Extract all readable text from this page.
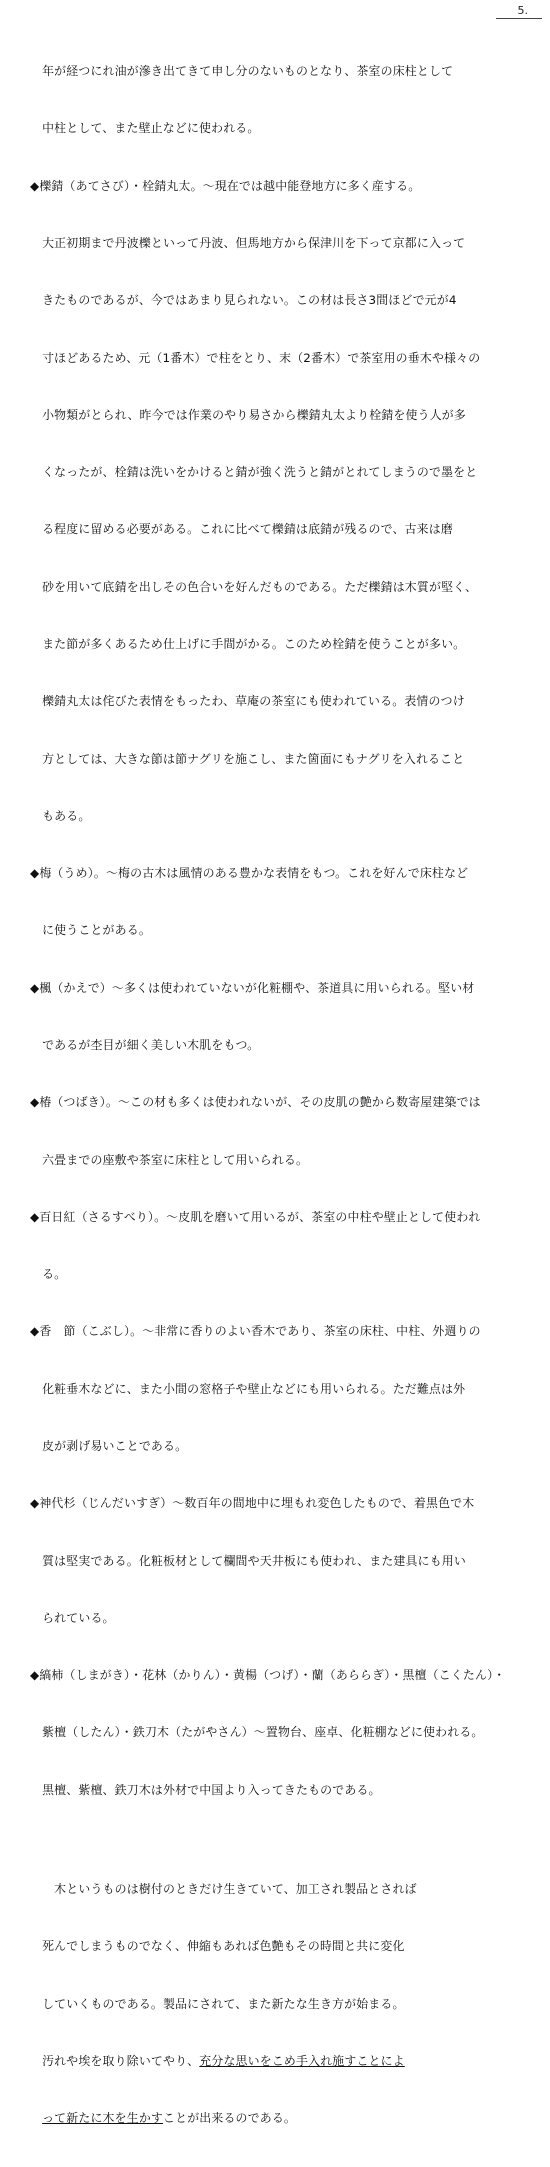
5.

　年が経つにれ油が滲き出てきて申し分のないものとなり、茶室の床柱として

　中柱として、また壁止などに使われる。

◆櫟錆（あてさび）・栓錆丸太。～現在では越中能登地方に多く産する。

　大正初期まで丹波櫟といって丹波、但馬地方から保津川を下って京都に入って

　きたものであるが、今ではあまり見られない。この材は長さ3間ほどで元が4

　寸ほどあるため、元（1番木）で柱をとり、末（2番木）で茶室用の垂木や様々の

　小物類がとられ、昨今では作業のやり易さから櫟錆丸太より栓錆を使う人が多

　くなったが、栓錆は洗いをかけると錆が強く洗うと錆がとれてしまうので墨をと

　る程度に留める必要がある。これに比べて櫟錆は底錆が残るので、古来は磨

　砂を用いて底錆を出しその色合いを好んだものである。ただ櫟錆は木質が堅く、

　また節が多くあるため仕上げに手間がかる。このため栓錆を使うことが多い。

　櫟錆丸太は侘びた表情をもったわ、草庵の茶室にも使われている。表情のつけ

　方としては、大きな節は節ナグリを施こし、また箇面にもナグリを入れること

　もある。

◆梅（うめ）。～梅の古木は風情のある豊かな表情をもつ。これを好んで床柱など

　に使うことがある。

◆楓（かえで）～多くは使われていないが化粧棚や、茶道具に用いられる。堅い材

　であるが杢目が細く美しい木肌をもつ。

◆椿（つばき）。～この材も多くは使われないが、その皮肌の艶から数寄屋建築では

　六畳までの座敷や茶室に床柱として用いられる。

◆百日紅（さるすべり）。～皮肌を磨いて用いるが、茶室の中柱や壁止として使われ

　る。

◆香　節（こぶし）。～非常に香りのよい香木であり、茶室の床柱、中柱、外週りの

　化粧垂木などに、また小間の窓格子や壁止などにも用いられる。ただ難点は外

　皮が剥げ易いことである。

◆神代杉（じんだいすぎ）～数百年の間地中に埋もれ変色したもので、着黒色で木

　質は堅実である。化粧板材として欄間や天井板にも使われ、また建具にも用い

　られている。

◆縞柿（しまがき）・花林（かりん）・黄楊（つげ）・蘭（あららぎ）・黒檀（こくたん）・

　紫檀（したん）・鉄刀木（たがやさん）～置物台、座卓、化粧棚などに使われる。

　黒檀、紫檀、鉄刀木は外材で中国より入ってきたものである。

　　木というものは樹付のときだけ生きていて、加工され製品とされば

　死んでしまうものでなく、伸縮もあれば色艶もその時間と共に変化

　していくものである。製品にされて、また新たな生き方が始まる。

　汚れや埃を取り除いてやり、充分な思いをこめ手入れ施すことによ

　って新たに木を生かすことが出来るのである。
